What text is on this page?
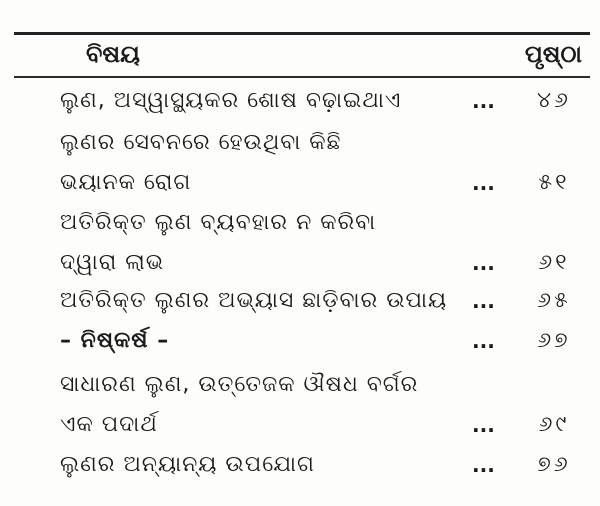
ବିଷୟ	ପୃଷ୍ଠା
ଲୁଣ, ଅସ୍ୱାସ୍ଥ୍ୟକର ଶୋଷ ବଢ଼ାଇଥାଏ	...	୪୬
ଲୁଣର ସେବନରେ ହେଉଥିବା କିଛି
ଭୟାନକ ରୋଗ	...	୫୧
ଅତିରିକ୍ତ ଲୁଣ ବ୍ୟବହାର ନ କରିବା
ଦ୍ୱାରା ଲାଭ	...	୬୧
ଅତିରିକ୍ତ ଲୁଣର ଅଭ୍ୟାସ ଛାଡ଼ିବାର ଉପାୟ ...	୬୫
– ନିଷ୍କର୍ଷ –	...	୬୭
ସାଧାରଣ ଲୁଣ, ଉତ୍ତେଜକ ଔଷଧ ବର୍ଗର
ଏକ ପଦାର୍ଥ	...	୬୯
ଲୁଣର ଅନ୍ୟାନ୍ୟ ଉପଯୋଗ	...	୭୬
